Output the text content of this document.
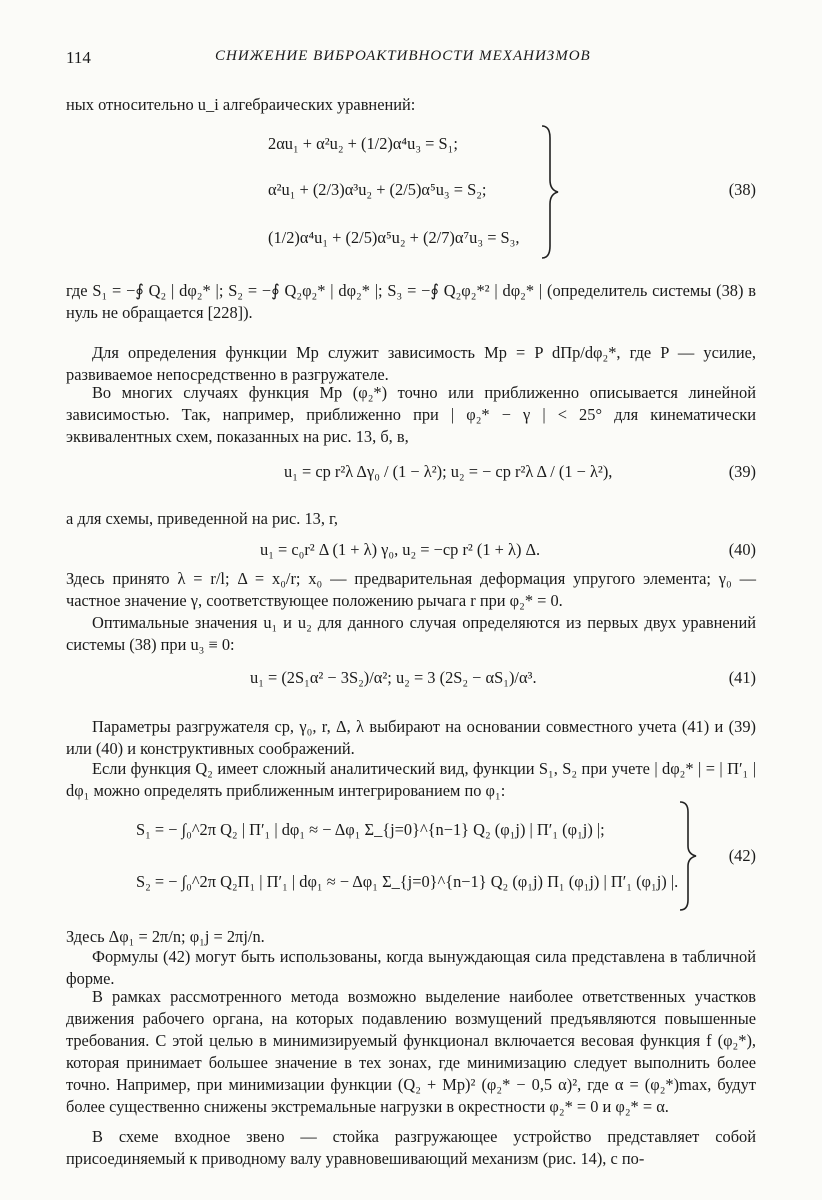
114	СНИЖЕНИЕ ВИБРОАКТИВНОСТИ МЕХАНИЗМОВ

ных относительно u_i алгебраических уравнений:

2αu₁ + α²u₂ + (1/2)α⁴u₃ = S₁;
α²u₁ + (2/3)α³u₂ + (2/5)α⁵u₃ = S₂;
(1/2)α⁴u₁ + (2/5)α⁵u₂ + (2/7)α⁷u₃ = S₃,
(38)

где S₁ = −∮ Q₂ | dφ₂* |; S₂ = −∮ Q₂φ₂* | dφ₂* |; S₃ = −∮ Q₂φ₂*² | dφ₂* | (определитель системы (38) в нуль не обращается [228]).

Для определения функции Mp служит зависимость Mp = P dΠp/dφ₂*, где P — усилие, развиваемое непосредственно в разгружателе.

Во многих случаях функция Mp (φ₂*) точно или приближенно описывается линейной зависимостью. Так, например, приближенно при | φ₂* − γ | < 25° для кинематически эквивалентных схем, показанных на рис. 13, б, в,

u₁ = cp r²λ Δγ₀ / (1 − λ²); u₂ = − cp r²λ Δ / (1 − λ²),	(39)

а для схемы, приведенной на рис. 13, г,

u₁ = c₀r² Δ (1 + λ) γ₀, u₂ = −cp r² (1 + λ) Δ.	(40)

Здесь принято λ = r/l; Δ = x₀/r; x₀ — предварительная деформация упругого элемента; γ₀ — частное значение γ, соответствующее положению рычага r при φ₂* = 0.

Оптимальные значения u₁ и u₂ для данного случая определяются из первых двух уравнений системы (38) при u₃ ≡ 0:

u₁ = (2S₁α² − 3S₂)/α²; u₂ = 3 (2S₂ − αS₁)/α³.	(41)

Параметры разгружателя cp, γ₀, r, Δ, λ выбирают на основании совместного учета (41) и (39) или (40) и конструктивных соображений.

Если функция Q₂ имеет сложный аналитический вид, функции S₁, S₂ при учете | dφ₂* | = | Π′₁ | dφ₁ можно определять приближенным интегрированием по φ₁:

S₁ = − ∫₀^2π Q₂ | Π′₁ | dφ₁ ≈ − Δφ₁ Σ_{j=0}^{n−1} Q₂ (φ₁j) | Π′₁ (φ₁j) |;
S₂ = − ∫₀^2π Q₂Π₁ | Π′₁ | dφ₁ ≈ − Δφ₁ Σ_{j=0}^{n−1} Q₂ (φ₁j) Π₁ (φ₁j) | Π′₁ (φ₁j) |.
(42)

Здесь Δφ₁ = 2π/n; φ₁j = 2πj/n.

Формулы (42) могут быть использованы, когда вынуждающая сила представлена в табличной форме.

В рамках рассмотренного метода возможно выделение наиболее ответственных участков движения рабочего органа, на которых подавлению возмущений предъявляются повышенные требования. С этой целью в минимизируемый функционал включается весовая функция f (φ₂*), которая принимает большее значение в тех зонах, где минимизацию следует выполнить более точно. Например, при минимизации функции (Q₂ + Mp)² (φ₂* − 0,5 α)², где α = (φ₂*)max, будут более существенно снижены экстремальные нагрузки в окрестности φ₂* = 0 и φ₂* = α.

В схеме входное звено — стойка разгружающее устройство представляет собой присоединяемый к приводному валу уравновешивающий механизм (рис. 14), с по-
